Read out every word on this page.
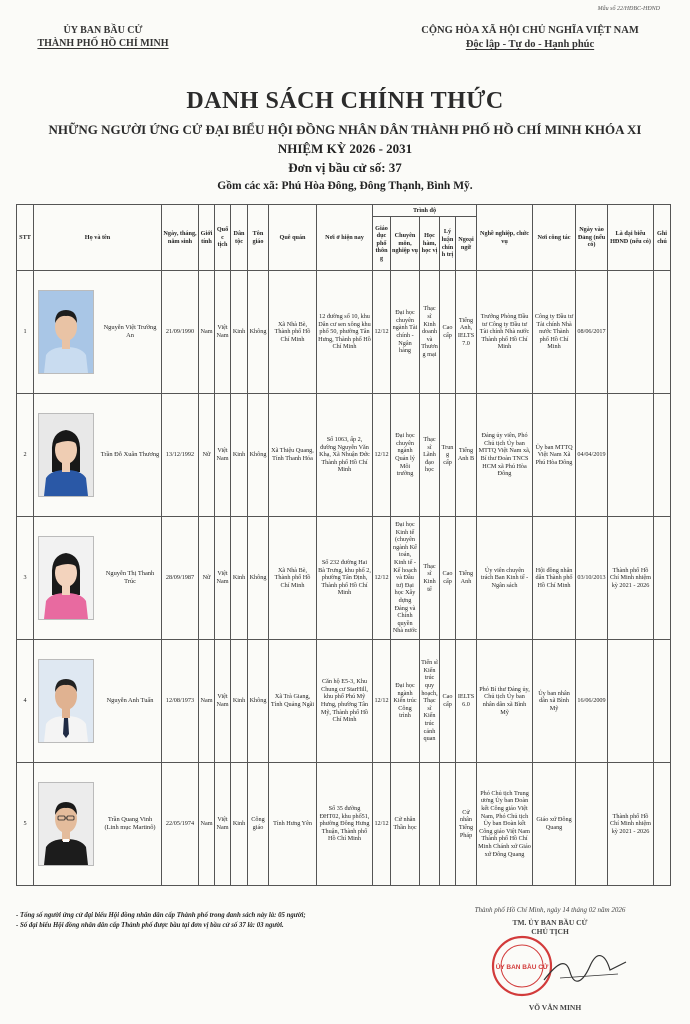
Mẫu số 22/HĐBC-HĐND
ỦY BAN BẦU CỬ
THÀNH PHỐ HỒ CHÍ MINH
CỘNG HÒA XÃ HỘI CHỦ NGHĨA VIỆT NAM
Độc lập - Tự do - Hạnh phúc
DANH SÁCH CHÍNH THỨC
NHỮNG NGƯỜI ỨNG CỬ ĐẠI BIỂU HỘI ĐỒNG NHÂN DÂN THÀNH PHỐ HỒ CHÍ MINH KHÓA XI
NHIỆM KỲ 2026 - 2031
Đơn vị bầu cử số: 37
Gồm các xã: Phú Hòa Đông, Đông Thạnh, Bình Mỹ.
STT	Họ và tên	Ngày, tháng, năm sinh	Giới tính	Quốc tịch	Dân tộc	Tôn giáo	Quê quán	Nơi ở hiện nay	Trình độ					Nghề nghiệp, chức vụ	Nơi công tác	Ngày vào Đảng (nếu có)	Là đại biểu HĐND (nếu có)	Ghi chú
									Giáo dục phổ thông	Chuyên môn, nghiệp vụ	Học hàm, học vị	Lý luận chính trị	Ngoại ngữ					
1	Nguyễn Việt Trường An	21/09/1990	Nam	Việt Nam	Kinh	Không	Xã Nhà Bè, Thành phố Hồ Chí Minh	12 đường số 10, khu Dân cư sen xông khu phố 50, phường Tân Hưng, Thành phố Hồ Chí Minh	12/12	Đại học chuyên ngành Tài chính - Ngân hàng	Thạc sĩ Kinh doanh và Thương mại	Cao cấp	Tiếng Anh, IELTS 7.0	Trưởng Phòng Đầu tư Công ty Đầu tư Tài chính Nhà nước Thành phố Hồ Chí Minh	Công ty Đầu tư Tài chính Nhà nước Thành phố Hồ Chí Minh	08/06/2017		
2	Trần Đỗ Xuân Thương	13/12/1992	Nữ	Việt Nam	Kinh	Không	Xã Thiệu Quang, Tỉnh Thanh Hóa	Số 1063, ấp 2, đường Nguyễn Văn Khạ, Xã Nhuận Đức Thành phố Hồ Chí Minh	12/12	Đại học chuyên ngành Quản lý Môi trường	Thạc sĩ Lãnh đạo học	Trung cấp	Tiếng Anh B	Đảng ủy viên, Phó Chủ tịch Ủy ban MTTQ Việt Nam xã, Bí thư Đoàn TNCS HCM xã Phú Hòa Đông	Ủy ban MTTQ Việt Nam Xã Phú Hòa Đông	04/04/2019		
3	Nguyễn Thị Thanh Trúc	28/09/1987	Nữ	Việt Nam	Kinh	Không	Xã Nhà Bè, Thành phố Hồ Chí Minh	Số 232 đường Hai Bà Trưng, khu phố 2, phường Tân Định, Thành phố Hồ Chí Minh	12/12	Đại học Kinh tế (chuyên ngành Kế toán, Kinh tế - Kế hoạch và Đầu tư) Đại học Xây dựng Đảng và Chính quyền Nhà nước	Thạc sĩ Kinh tế	Cao cấp	Tiếng Anh	Ủy viên chuyên trách Ban Kinh tế - Ngân sách	Hội đồng nhân dân Thành phố Hồ Chí Minh	03/10/2013	Thành phố Hồ Chí Minh nhiệm kỳ 2021 - 2026	
4	Nguyễn Anh Tuấn	12/08/1973	Nam	Việt Nam	Kinh	Không	Xã Trà Giang, Tỉnh Quảng Ngãi	Căn hộ E5-3, Khu Chung cư StarHill, khu phố Phú Mỹ Hưng, phường Tân Mỹ, Thành phố Hồ Chí Minh	12/12	Đại học ngành Kiến trúc Công trình	Tiến sĩ Kiến trúc quy hoạch, Thạc sĩ Kiến trúc cảnh quan	Cao cấp	IELTS 6.0	Phó Bí thư Đảng ủy, Chủ tịch Ủy ban nhân dân xã Bình Mỹ	Ủy ban nhân dân xã Bình Mỹ	16/06/2009		
5	Trần Quang Vinh (Linh mục Martinô)	22/05/1974	Nam	Việt Nam	Kinh	Công giáo	Tỉnh Hưng Yên	Số 35 đường ĐHT02, khu phố51, phường Đông Hưng Thuận, Thành phố Hồ Chí Minh	12/12	Cử nhân Thần học			Cử nhân Tiếng Pháp	Phó Chủ tịch Trung ương Ủy ban Đoàn kết Công giáo Việt Nam, Phó Chủ tịch Ủy ban Đoàn kết Công giáo Việt Nam Thành phố Hồ Chí Minh Chánh xứ Giáo xứ Đông Quang	Giáo xứ Đông Quang		Thành phố Hồ Chí Minh nhiệm kỳ 2021 - 2026	
- Tổng số người ứng cử đại biểu Hội đồng nhân dân cấp Thành phố trong danh sách này là: 05 người;
- Số đại biểu Hội đồng nhân dân cấp Thành phố được bầu tại đơn vị bầu cử số 37 là: 03 người.
Thành phố Hồ Chí Minh, ngày 14 tháng 02 năm 2026
TM. ỦY BAN BẦU CỬ
CHỦ TỊCH
ỦY BAN BẦU CỬ
VÕ VĂN MINH
